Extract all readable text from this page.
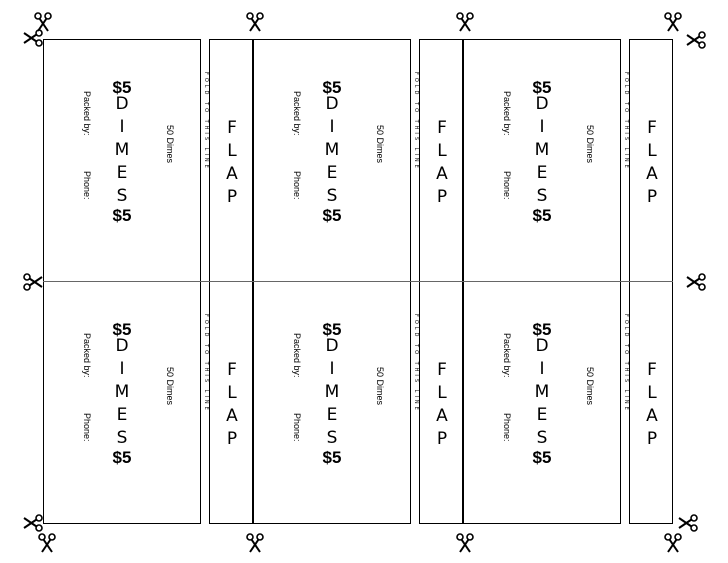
$5
D
I
M
E
S
$5
Packed by:
Phone:
50 Dimes	FOLD TO THIS LINE	F
L
A
P
$5
D
I
M
E
S
$5
Packed by:
Phone:
50 Dimes	FOLD TO THIS LINE	F
L
A
P
$5
D
I
M
E
S
$5
Packed by:
Phone:
50 Dimes	FOLD TO THIS LINE	F
L
A
P
$5
D
I
M
E
S
$5
Packed by:
Phone:
50 Dimes	FOLD TO THIS LINE	F
L
A
P
$5
D
I
M
E
S
$5
Packed by:
Phone:
50 Dimes	FOLD TO THIS LINE	F
L
A
P
$5
D
I
M
E
S
$5
Packed by:
Phone:
50 Dimes	FOLD TO THIS LINE	F
L
A
P
